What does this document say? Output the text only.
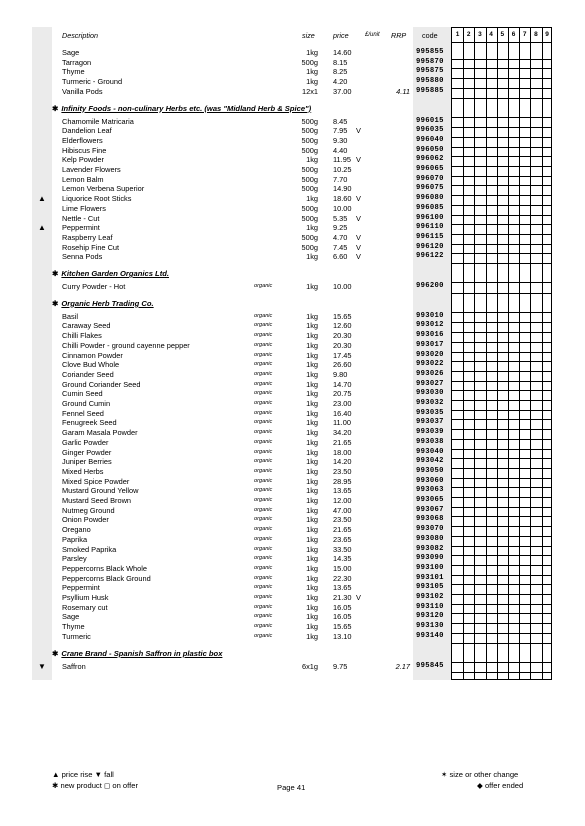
Description	size	price	£/unit RRP code	1	2	3	4	5	6	7	8	9
Sage	1kg 14.60	995855
Tarragon	500g 8.15	995870
Thyme	1kg 8.25	995875
Turmeric - Ground	1kg 4.20	995880
Vanilla Pods	12x1 37.00	4.11 995885
✱ Infinity Foods - non-culinary Herbs etc. (was "Midland Herb & Spice")
Chamomile Matricaria	500g 8.45	996015
Dandelion Leaf	500g 7.95 V	996035
Elderflowers	500g 9.30	996040
Hibiscus Fine	500g 4.40	996050
Kelp Powder	1kg 11.95 V	996062
Lavender Flowers	500g 10.25	996065
Lemon Balm	500g 7.70	996070
Lemon Verbena Superior	500g 14.90	996075
▲ Liquorice Root Sticks	1kg 18.60 V	996080
Lime Flowers	500g 10.00	996085
Nettle - Cut	500g 5.35 V	996100
▲ Peppermint	1kg 9.25	996110
Raspberry Leaf	500g 4.70 V	996115
Rosehip Fine Cut	500g 7.45 V	996120
Senna Pods	1kg 6.60 V	996122
✱ Kitchen Garden Organics Ltd.
Curry Powder - Hot	organic	1kg 10.00	996200
✱ Organic Herb Trading Co.
Basil	organic	1kg 15.65	993010
Caraway Seed	organic	1kg 12.60	993012
Chilli Flakes	organic	1kg 20.30	993016
Chilli Powder - ground cayenne pepper	organic	1kg 20.30	993017
Cinnamon Powder	organic	1kg 17.45	993020
Clove Bud Whole	organic	1kg 26.60	993022
Coriander Seed	organic	1kg 9.80	993026
Ground Coriander Seed	organic	1kg 14.70	993027
Cumin Seed	organic	1kg 20.75	993030
Ground Cumin	organic	1kg 23.00	993032
Fennel Seed	organic	1kg 16.40	993035
Fenugreek Seed	organic	1kg 11.00	993037
Garam Masala Powder	organic	1kg 34.20	993039
Garlic Powder	organic	1kg 21.65	993038
Ginger Powder	organic	1kg 18.00	993040
Juniper Berries	organic	1kg 14.20	993042
Mixed Herbs	organic	1kg 23.50	993050
Mixed Spice Powder	organic	1kg 28.95	993060
Mustard Ground Yellow	organic	1kg 13.65	993063
Mustard Seed Brown	organic	1kg 12.00	993065
Nutmeg Ground	organic	1kg 47.00	993067
Onion Powder	organic	1kg 23.50	993068
Oregano	organic	1kg 21.65	993070
Paprika	organic	1kg 23.65	993080
Smoked Paprika	organic	1kg 33.50	993082
Parsley	organic	1kg 14.35	993090
Peppercorns Black Whole	organic	1kg 15.00	993100
Peppercorns Black Ground	organic	1kg 22.30	993101
Peppermint	organic	1kg 13.65	993105
Psyllium Husk	organic	1kg 21.30 V	993102
Rosemary cut	organic	1kg 16.05	993110
Sage	organic	1kg 16.05	993120
Thyme	organic	1kg 15.65	993130
Turmeric	organic	1kg 13.10	993140
✱ Crane Brand - Spanish Saffron in plastic box
▼ Saffron	6x1g 9.75	2.17 995845
▲ price rise ▼ fall
✱ new product ◻ on offer	Page 41
✶ size or other change
◆ offer ended
